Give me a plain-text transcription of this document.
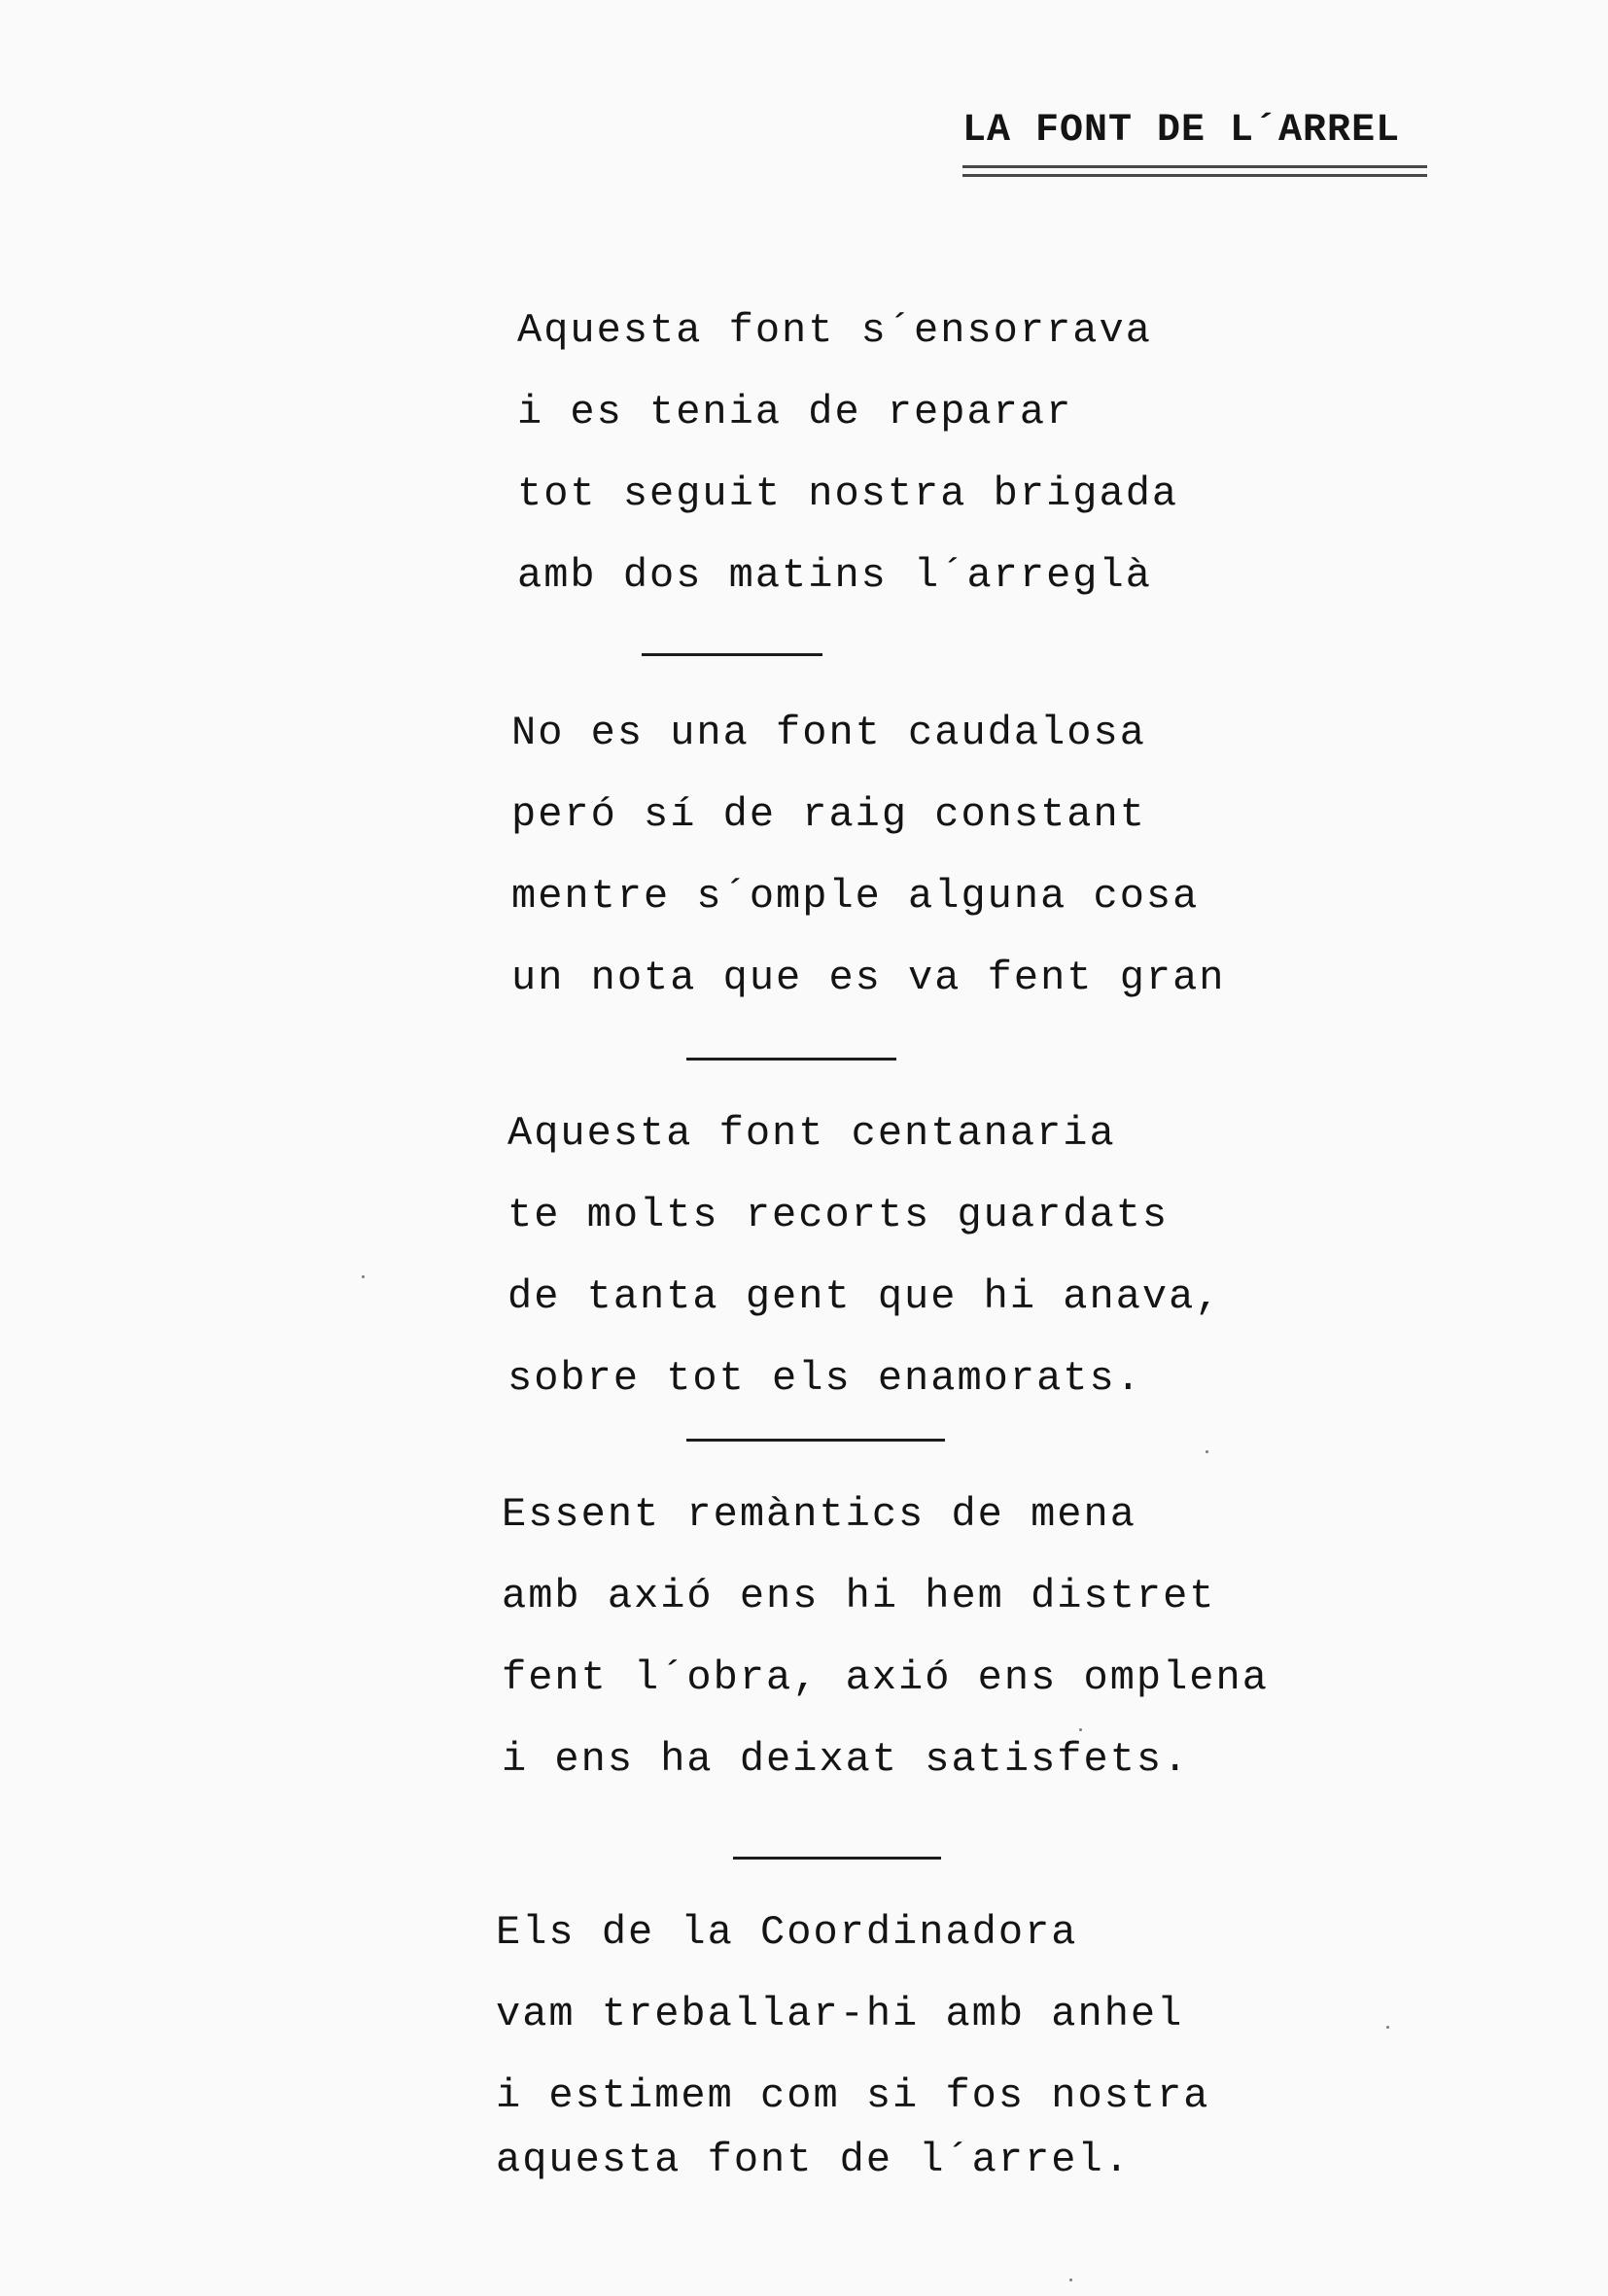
LA FONT DE L´ARREL
Aquesta font s´ensorrava
i es tenia de reparar
tot seguit nostra brigada
amb dos matins l´arreglà
No es una font caudalosa
peró sí de raig constant
mentre s´omple alguna cosa
un nota que es va fent gran
Aquesta font centanaria
te molts recorts guardats
de tanta gent que hi anava,
sobre tot els enamorats.
Essent remàntics de mena
amb axió ens hi hem distret
fent l´obra, axió ens omplena
i ens ha deixat satisfets.
Els de la Coordinadora
vam treballar-hi amb anhel
i estimem com si fos nostra
aquesta font de l´arrel.
